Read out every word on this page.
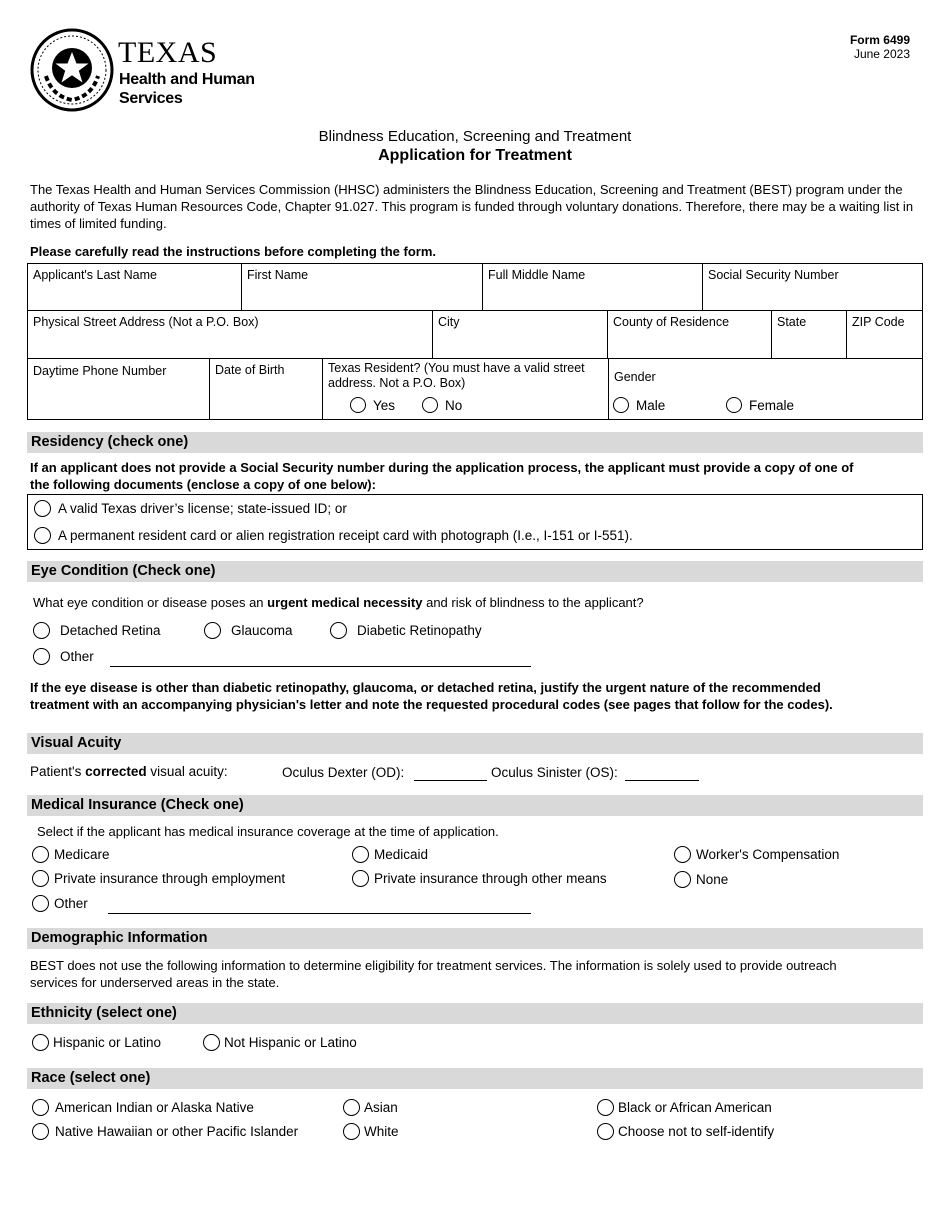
TEXAS
Health and Human
Services
Form 6499
June 2023
Blindness Education, Screening and Treatment
Application for Treatment
The Texas Health and Human Services Commission (HHSC) administers the Blindness Education, Screening and Treatment (BEST) program under the authority of Texas Human Resources Code, Chapter 91.027. This program is funded through voluntary donations. Therefore, there may be a waiting list in times of limited funding.
Please carefully read the instructions before completing the form.
Applicant's Last Name	First Name	Full Middle Name	Social Security Number
Physical Street Address (Not a P.O. Box)	City	County of Residence	State	ZIP Code
Daytime Phone Number	Date of Birth	Texas Resident? (You must have a valid street address. Not a P.O. Box)
Yes	No
Gender
Male	Female
Residency (check one)
If an applicant does not provide a Social Security number during the application process, the applicant must provide a copy of one of
the following documents (enclose a copy of one below):
A valid Texas driver’s license; state-issued ID; or
A permanent resident card or alien registration receipt card with photograph (I.e., I-151 or I-551).
Eye Condition (Check one)
What eye condition or disease poses an urgent medical necessity and risk of blindness to the applicant?
Detached Retina	Glaucoma	Diabetic Retinopathy
Other
If the eye disease is other than diabetic retinopathy, glaucoma, or detached retina, justify the urgent nature of the recommended
treatment with an accompanying physician's letter and note the requested procedural codes (see pages that follow for the codes).
Visual Acuity
Patient's corrected visual acuity:	Oculus Dexter (OD):	Oculus Sinister (OS):
Medical Insurance (Check one)
Select if the applicant has medical insurance coverage at the time of application.
Medicare	Medicaid	Worker's Compensation
Private insurance through employment	Private insurance through other means	None
Other
Demographic Information
BEST does not use the following information to determine eligibility for treatment services. The information is solely used to provide outreach
services for underserved areas in the state.
Ethnicity (select one)
Hispanic or Latino	Not Hispanic or Latino
Race (select one)
American Indian or Alaska Native	Asian	Black or African American
Native Hawaiian or other Pacific Islander	White	Choose not to self-identify
